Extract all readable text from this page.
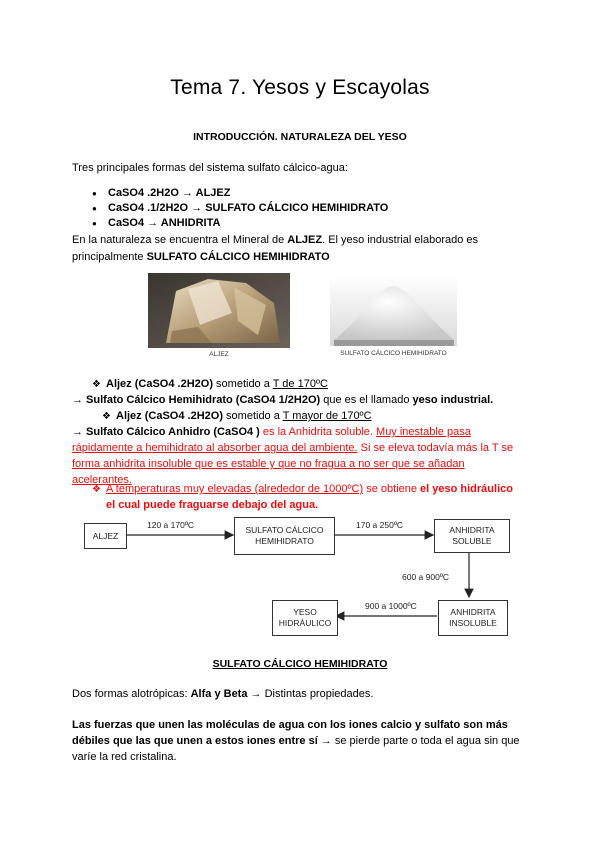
Tema 7. Yesos y Escayolas
INTRODUCCIÓN. NATURALEZA DEL YESO
Tres principales formas del sistema sulfato cálcico-agua:
● CaSO4 .2H2O → ALJEZ
● CaSO4 .1/2H2O → SULFATO CÁLCICO HEMIHIDRATO
● CaSO4 → ANHIDRITA
En la naturaleza se encuentra el Mineral de ALJEZ. El yeso industrial elaborado es principalmente SULFATO CÁLCICO HEMIHIDRATO
ALJEZ	SULFATO CÁLCICO HEMIHIDRATO
❖ Aljez (CaSO4 .2H2O) sometido a T de 170ºC
→ Sulfato Cálcico Hemihidrato (CaSO4 1/2H2O) que es el llamado yeso industrial.
❖ Aljez (CaSO4 .2H2O) sometido a T mayor de 170ºC
→ Sulfato Cálcico Anhidro (CaSO4 ) es la Anhidrita soluble. Muy inestable pasa
rápidamente a hemihidrato al absorber agua del ambiente. Si se eleva todavía más la T se
forma anhidrita insoluble que es estable y que no fragua a no ser que se añadan
acelerantes.
❖ A temperaturas muy elevadas (alrededor de 1000ºC) se obtiene el yeso hidráulico
el cual puede fraguarse debajo del agua.
ALJEZ
SULFATO CÁLCICO
HEMIHIDRATO
ANHIDRITA
SOLUBLE
ANHIDRITA
INSOLUBLE
YESO
HIDRÁULICO
120 a 170ºC	170 a 250ºC
600 a 900ºC
900 a 1000ºC
SULFATO CÁLCICO HEMIHIDRATO
Dos formas alotrópicas: Alfa y Beta → Distintas propiedades.
Las fuerzas que unen las moléculas de agua con los iones calcio y sulfato son más
débiles que las que unen a estos iones entre sí → se pierde parte o toda el agua sin que
varíe la red cristalina.
